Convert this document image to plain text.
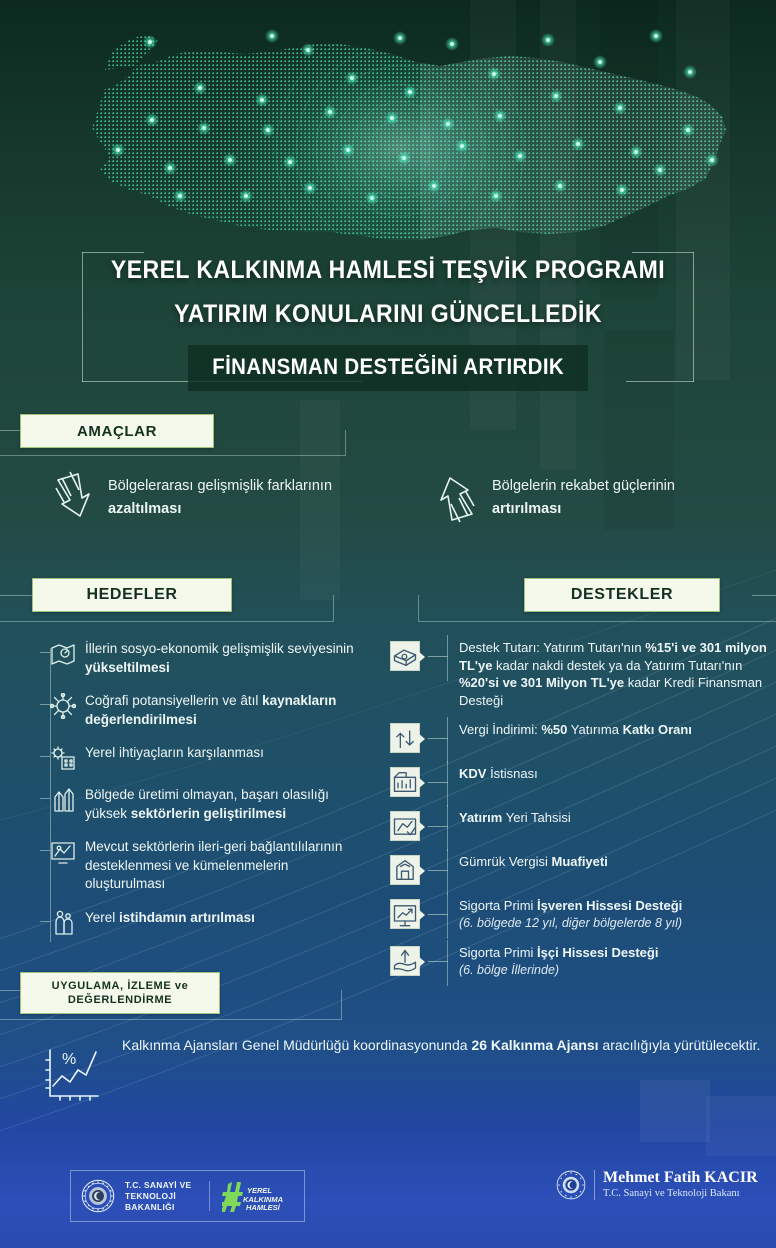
YEREL KALKINMA HAMLESİ TEŞVİK PROGRAMI
YATIRIM KONULARINI GÜNCELLEDİK
FİNANSMAN DESTEĞİNİ ARTIRDIK
AMAÇLAR
Bölgelerarası gelişmişlik farklarının
azaltılması
Bölgelerin rekabet güçlerinin
artırılması
HEDEFLER
İllerin sosyo-ekonomik gelişmişlik seviyesinin yükseltilmesi
Coğrafi potansiyellerin ve âtıl kaynakların değerlendirilmesi
Yerel ihtiyaçların karşılanması
Bölgede üretimi olmayan, başarı olasılığı yüksek sektörlerin geliştirilmesi
Mevcut sektörlerin ileri-geri bağlantılılarının desteklenmesi ve kümelenmelerin oluşturulması
Yerel istihdamın artırılması
DESTEKLER
Destek Tutarı: Yatırım Tutarı'nın %15'i ve 301 milyon TL'ye kadar nakdi destek ya da Yatırım Tutarı'nın %20'si ve 301 Milyon TL'ye kadar Kredi Finansman Desteği
Vergi İndirimi: %50 Yatırıma Katkı Oranı
KDV İstisnası
Yatırım Yeri Tahsisi
Gümrük Vergisi Muafiyeti
Sigorta Primi İşveren Hissesi Desteği
(6. bölgede 12 yıl, diğer bölgelerde 8 yıl)
Sigorta Primi İşçi Hissesi Desteği
(6. bölge İllerinde)
UYGULAMA, İZLEME ve
DEĞERLENDİRME
%
Kalkınma Ajansları Genel Müdürlüğü koordinasyonunda 26 Kalkınma Ajansı aracılığıyla yürütülecektir.
T.C. SANAYİ VE
TEKNOLOJİ BAKANLIĞI
YEREL
KALKINMA
HAMLESİ
Mehmet Fatih KACIR
T.C. Sanayi ve Teknoloji Bakanı
